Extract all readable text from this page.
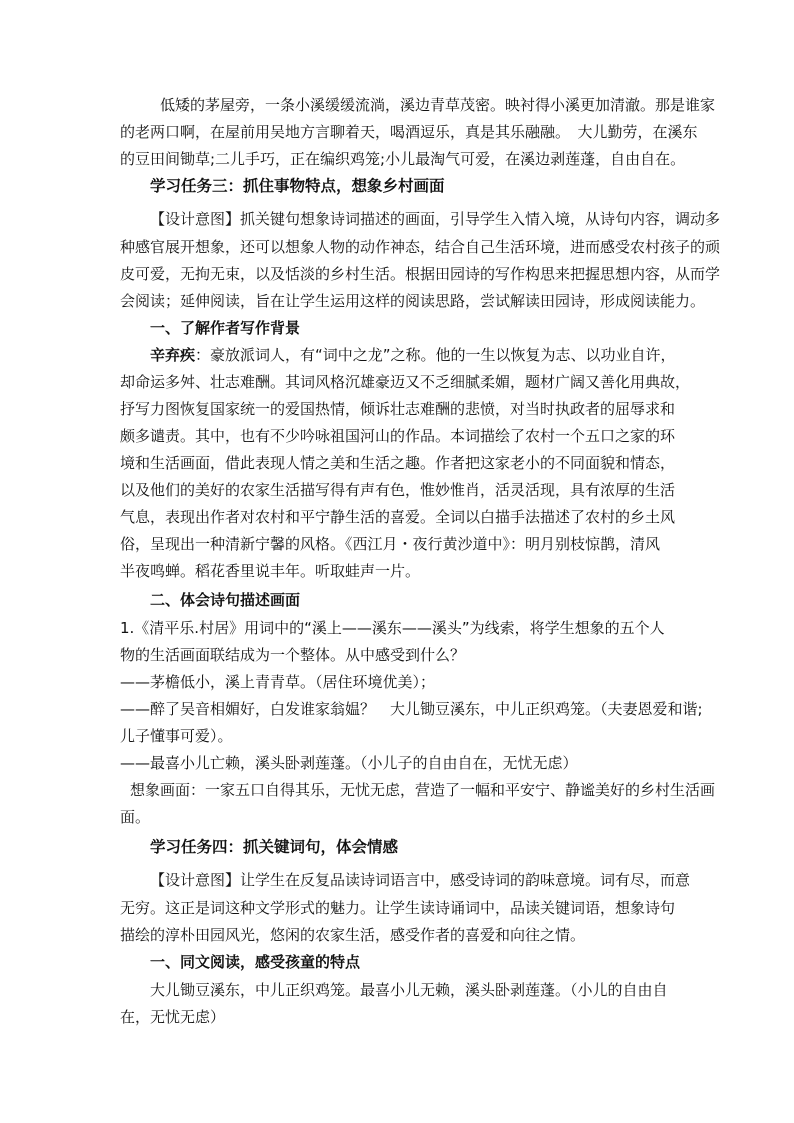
低矮的茅屋旁，一条小溪缓缓流淌，溪边青草茂密。映衬得小溪更加清澈。那是谁家
的老两口啊，在屋前用吴地方言聊着天，喝酒逗乐，真是其乐融融。　大儿勤劳，在溪东
的豆田间锄草;二儿手巧，正在编织鸡笼;小儿最淘气可爱，在溪边剥莲蓬，自由自在。
学习任务三：抓住事物特点，想象乡村画面
【设计意图】抓关键句想象诗词描述的画面，引导学生入情入境，从诗句内容，调动多
种感官展开想象，还可以想象人物的动作神态，结合自己生活环境，进而感受农村孩子的顽
皮可爱，无拘无束，以及恬淡的乡村生活。根据田园诗的写作构思来把握思想内容，从而学
会阅读；延伸阅读，旨在让学生运用这样的阅读思路，尝试解读田园诗，形成阅读能力。
一、了解作者写作背景
辛弃疾：豪放派词人，有“词中之龙”之称。他的一生以恢复为志、以功业自许，
却命运多舛、壮志难酬。其词风格沉雄豪迈又不乏细腻柔媚，题材广阔又善化用典故，
抒写力图恢复国家统一的爱国热情，倾诉壮志难酬的悲愤，对当时执政者的屈辱求和
颇多谴责。其中，也有不少吟咏祖国河山的作品。本词描绘了农村一个五口之家的环
境和生活画面，借此表现人情之美和生活之趣。作者把这家老小的不同面貌和情态，
以及他们的美好的农家生活描写得有声有色，惟妙惟肖，活灵活现，具有浓厚的生活
气息，表现出作者对农村和平宁静生活的喜爱。全词以白描手法描述了农村的乡土风
俗，呈现出一种清新宁馨的风格。《西江月・夜行黄沙道中》：明月别枝惊鹊，清风
半夜鸣蝉。稻花香里说丰年。听取蛙声一片。
二、体会诗句描述画面
1.《清平乐.村居》用词中的“溪上——溪东——溪头”为线索，将学生想象的五个人
物的生活画面联结成为一个整体。从中感受到什么？
——茅檐低小，溪上青青草。（居住环境优美）；
——醉了吴音相媚好，白发谁家翁媪？　大儿锄豆溪东，中儿正织鸡笼。（夫妻恩爱和谐;
儿子懂事可爱）。
——最喜小儿亡赖，溪头卧剥莲蓬。（小儿子的自由自在，无忧无虑）
想象画面：一家五口自得其乐，无忧无虑，营造了一幅和平安宁、静谧美好的乡村生活画
面。
学习任务四：抓关键词句，体会情感
【设计意图】让学生在反复品读诗词语言中，感受诗词的韵味意境。词有尽，而意
无穷。这正是词这种文学形式的魅力。让学生读诗诵词中，品读关键词语，想象诗句
描绘的淳朴田园风光，悠闲的农家生活，感受作者的喜爱和向往之情。
一、同文阅读，感受孩童的特点
大儿锄豆溪东，中儿正织鸡笼。最喜小儿无赖，溪头卧剥莲蓬。（小儿的自由自
在，无忧无虑）
